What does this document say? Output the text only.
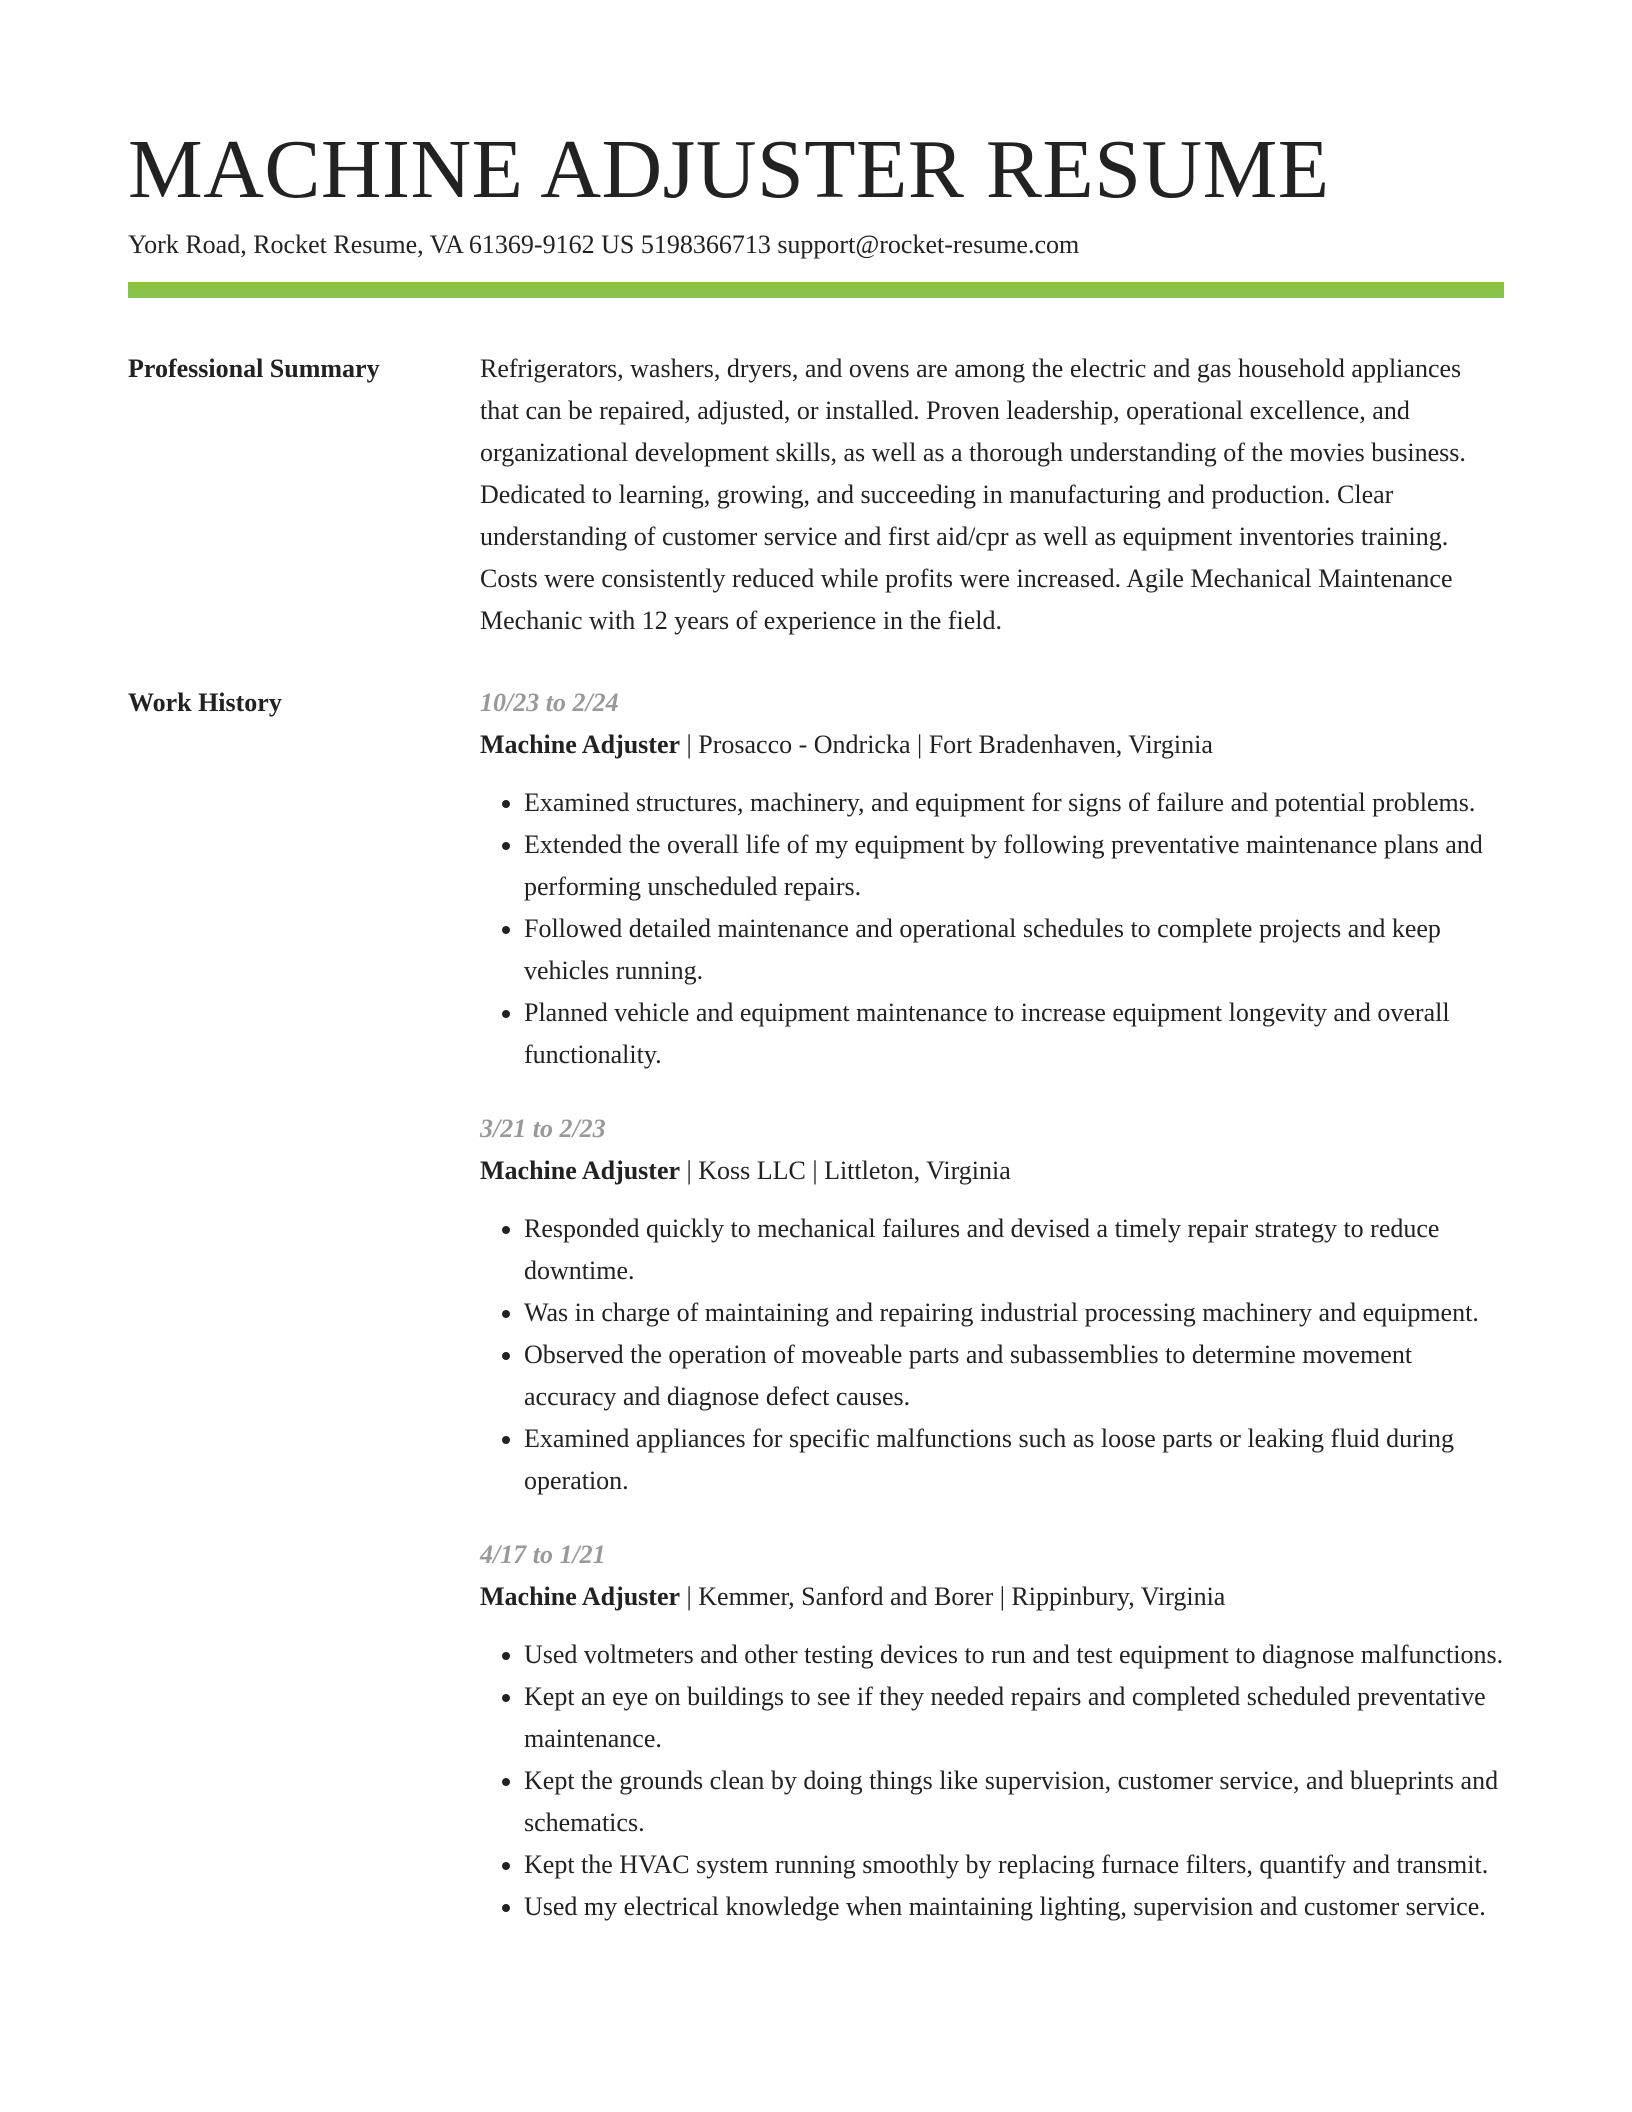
MACHINE ADJUSTER RESUME
York Road, Rocket Resume, VA 61369-9162 US 5198366713 support@rocket-resume.com
Professional Summary	Refrigerators, washers, dryers, and ovens are among the electric and gas household appliances that can be repaired, adjusted, or installed. Proven leadership, operational excellence, and organizational development skills, as well as a thorough understanding of the movies business. Dedicated to learning, growing, and succeeding in manufacturing and production. Clear understanding of customer service and first aid/cpr as well as equipment inventories training. Costs were consistently reduced while profits were increased. Agile Mechanical Maintenance Mechanic with 12 years of experience in the field.

Work History	10/23 to 2/24
Machine Adjuster | Prosacco - Ondricka | Fort Bradenhaven, Virginia
• Examined structures, machinery, and equipment for signs of failure and potential problems.
• Extended the overall life of my equipment by following preventative maintenance plans and performing unscheduled repairs.
• Followed detailed maintenance and operational schedules to complete projects and keep vehicles running.
• Planned vehicle and equipment maintenance to increase equipment longevity and overall functionality.
3/21 to 2/23
Machine Adjuster | Koss LLC | Littleton, Virginia
• Responded quickly to mechanical failures and devised a timely repair strategy to reduce downtime.
• Was in charge of maintaining and repairing industrial processing machinery and equipment.
• Observed the operation of moveable parts and subassemblies to determine movement accuracy and diagnose defect causes.
• Examined appliances for specific malfunctions such as loose parts or leaking fluid during operation.
4/17 to 1/21
Machine Adjuster | Kemmer, Sanford and Borer | Rippinbury, Virginia
• Used voltmeters and other testing devices to run and test equipment to diagnose malfunctions.
• Kept an eye on buildings to see if they needed repairs and completed scheduled preventative maintenance.
• Kept the grounds clean by doing things like supervision, customer service, and blueprints and schematics.
• Kept the HVAC system running smoothly by replacing furnace filters, quantify and transmit.
• Used my electrical knowledge when maintaining lighting, supervision and customer service.
